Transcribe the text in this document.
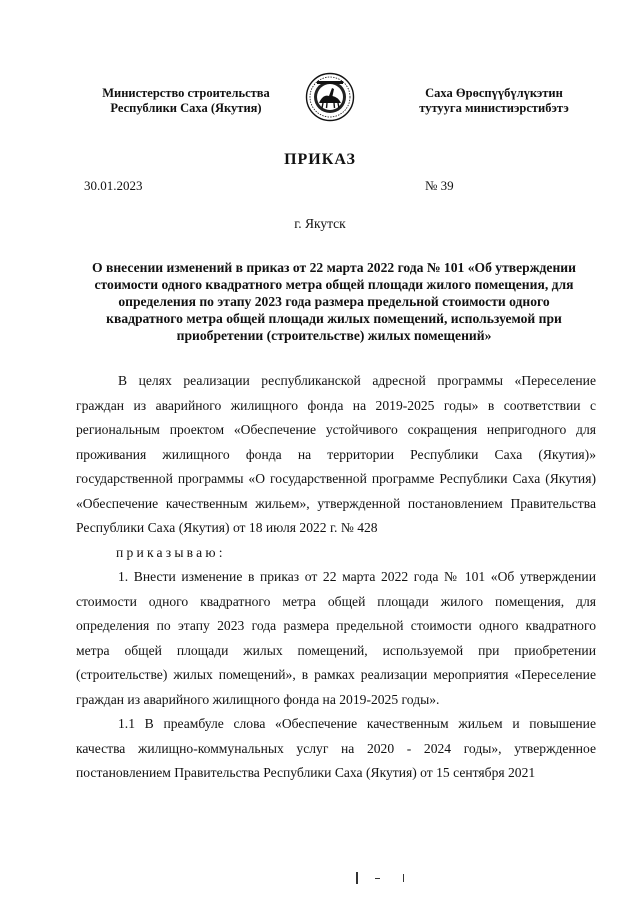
Министерство строительства
Республики Саха (Якутия)
Саха Өрөспүүбүлүкэтин
тутууга министиэрстибэтэ
ПРИКАЗ
30.01.2023	№ 39
г. Якутск
О внесении изменений в приказ от 22 марта 2022 года № 101 «Об утверждении стоимости одного квадратного метра общей площади жилого помещения, для определения по этапу 2023 года размера предельной стоимости одного квадратного метра общей площади жилых помещений, используемой при приобретении (строительстве) жилых помещений»

В целях реализации республиканской адресной программы «Переселение граждан из аварийного жилищного фонда на 2019-2025 годы» в соответствии с региональным проектом «Обеспечение устойчивого сокращения непригодного для проживания жилищного фонда на территории Республики Саха (Якутия)» государственной программы «О государственной программе Республики Саха (Якутия) «Обеспечение качественным жильем», утвержденной постановлением Правительства Республики Саха (Якутия) от 18 июля 2022 г. № 428

приказываю:

1. Внести изменение в приказ от 22 марта 2022 года № 101 «Об утверждении стоимости одного квадратного метра общей площади жилого помещения, для определения по этапу 2023 года размера предельной стоимости одного квадратного метра общей площади жилых помещений, используемой при приобретении (строительстве) жилых помещений», в рамках реализации мероприятия «Переселение граждан из аварийного жилищного фонда на 2019-2025 годы».

1.1 В преамбуле слова «Обеспечение качественным жильем и повышение качества жилищно-коммунальных услуг на 2020 - 2024 годы», утвержденное постановлением Правительства Республики Саха (Якутия) от 15 сентября 2021
